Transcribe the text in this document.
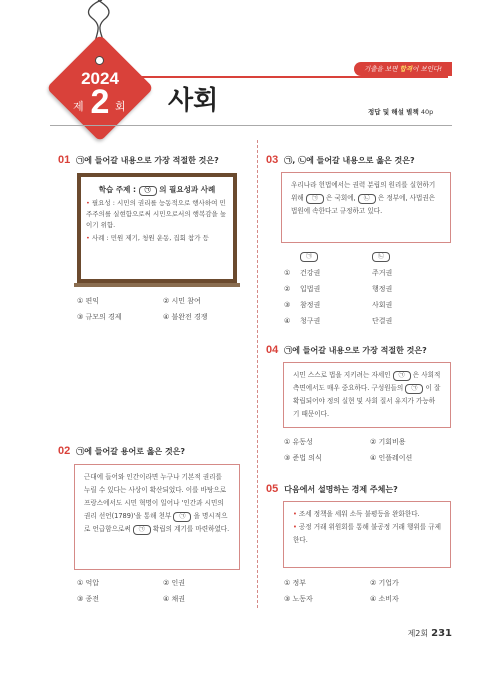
2024
2
제	회
기출을 보면 합격이 보인다!
사회	정답 및 해설 별책 40p
01 ㉠에 들어갈 내용으로 가장 적절한 것은?
학습 주제 : ㉠ 의 필요성과 사례
• 필요성 : 시민의 권리를 능동적으로 행사하여 민주주의를 실현함으로써 시민으로서의 행복감을 높이기 위함.
• 사례 : 민원 제기, 청원 운동, 집회 참가 등
① 편익	② 시민 참여
③ 규모의 경제	④ 불완전 경쟁
02 ㉠에 들어갈 용어로 옳은 것은?
근대에 들어와 인간이라면 누구나 기본적 권리를 누릴 수 있다는 사상이 확산되었다. 이를 바탕으로 프랑스에서도 시민 혁명이 일어나 '인간과 시민의 권리 선언(1789)'을 통해 천부 ㉠ 을 명시적으로 언급함으로써 ㉠ 확립의 계기를 마련하였다.
① 억압	② 인권
③ 종전	④ 채권
03 ㉠, ㉡에 들어갈 내용으로 옳은 것은?
우리나라 헌법에서는 권력 분립의 원리를 실현하기 위해 ㉠ 은 국회에, ㉡ 은 정부에, 사법권은 법원에 속한다고 규정하고 있다.
	㉠	㉡
①	건강권	주거권
②	입법권	행정권
③	참정권	사회권
④	청구권	단결권
04 ㉠에 들어갈 내용으로 가장 적절한 것은?
시민 스스로 법을 지키려는 자세인 ㉠ 은 사회적 측면에서도 매우 중요하다. 구성원들의 ㉠ 이 잘 확립되어야 정의 실현 및 사회 질서 유지가 가능하기 때문이다.
① 유동성	② 기회비용
③ 준법 의식	④ 인플레이션
05 다음에서 설명하는 경제 주체는?
• 조세 정책을 세워 소득 불평등을 완화한다.
• 공정 거래 위원회를 통해 불공정 거래 행위를 규제한다.
① 정부	② 기업가
③ 노동자	④ 소비자
제2회 231
